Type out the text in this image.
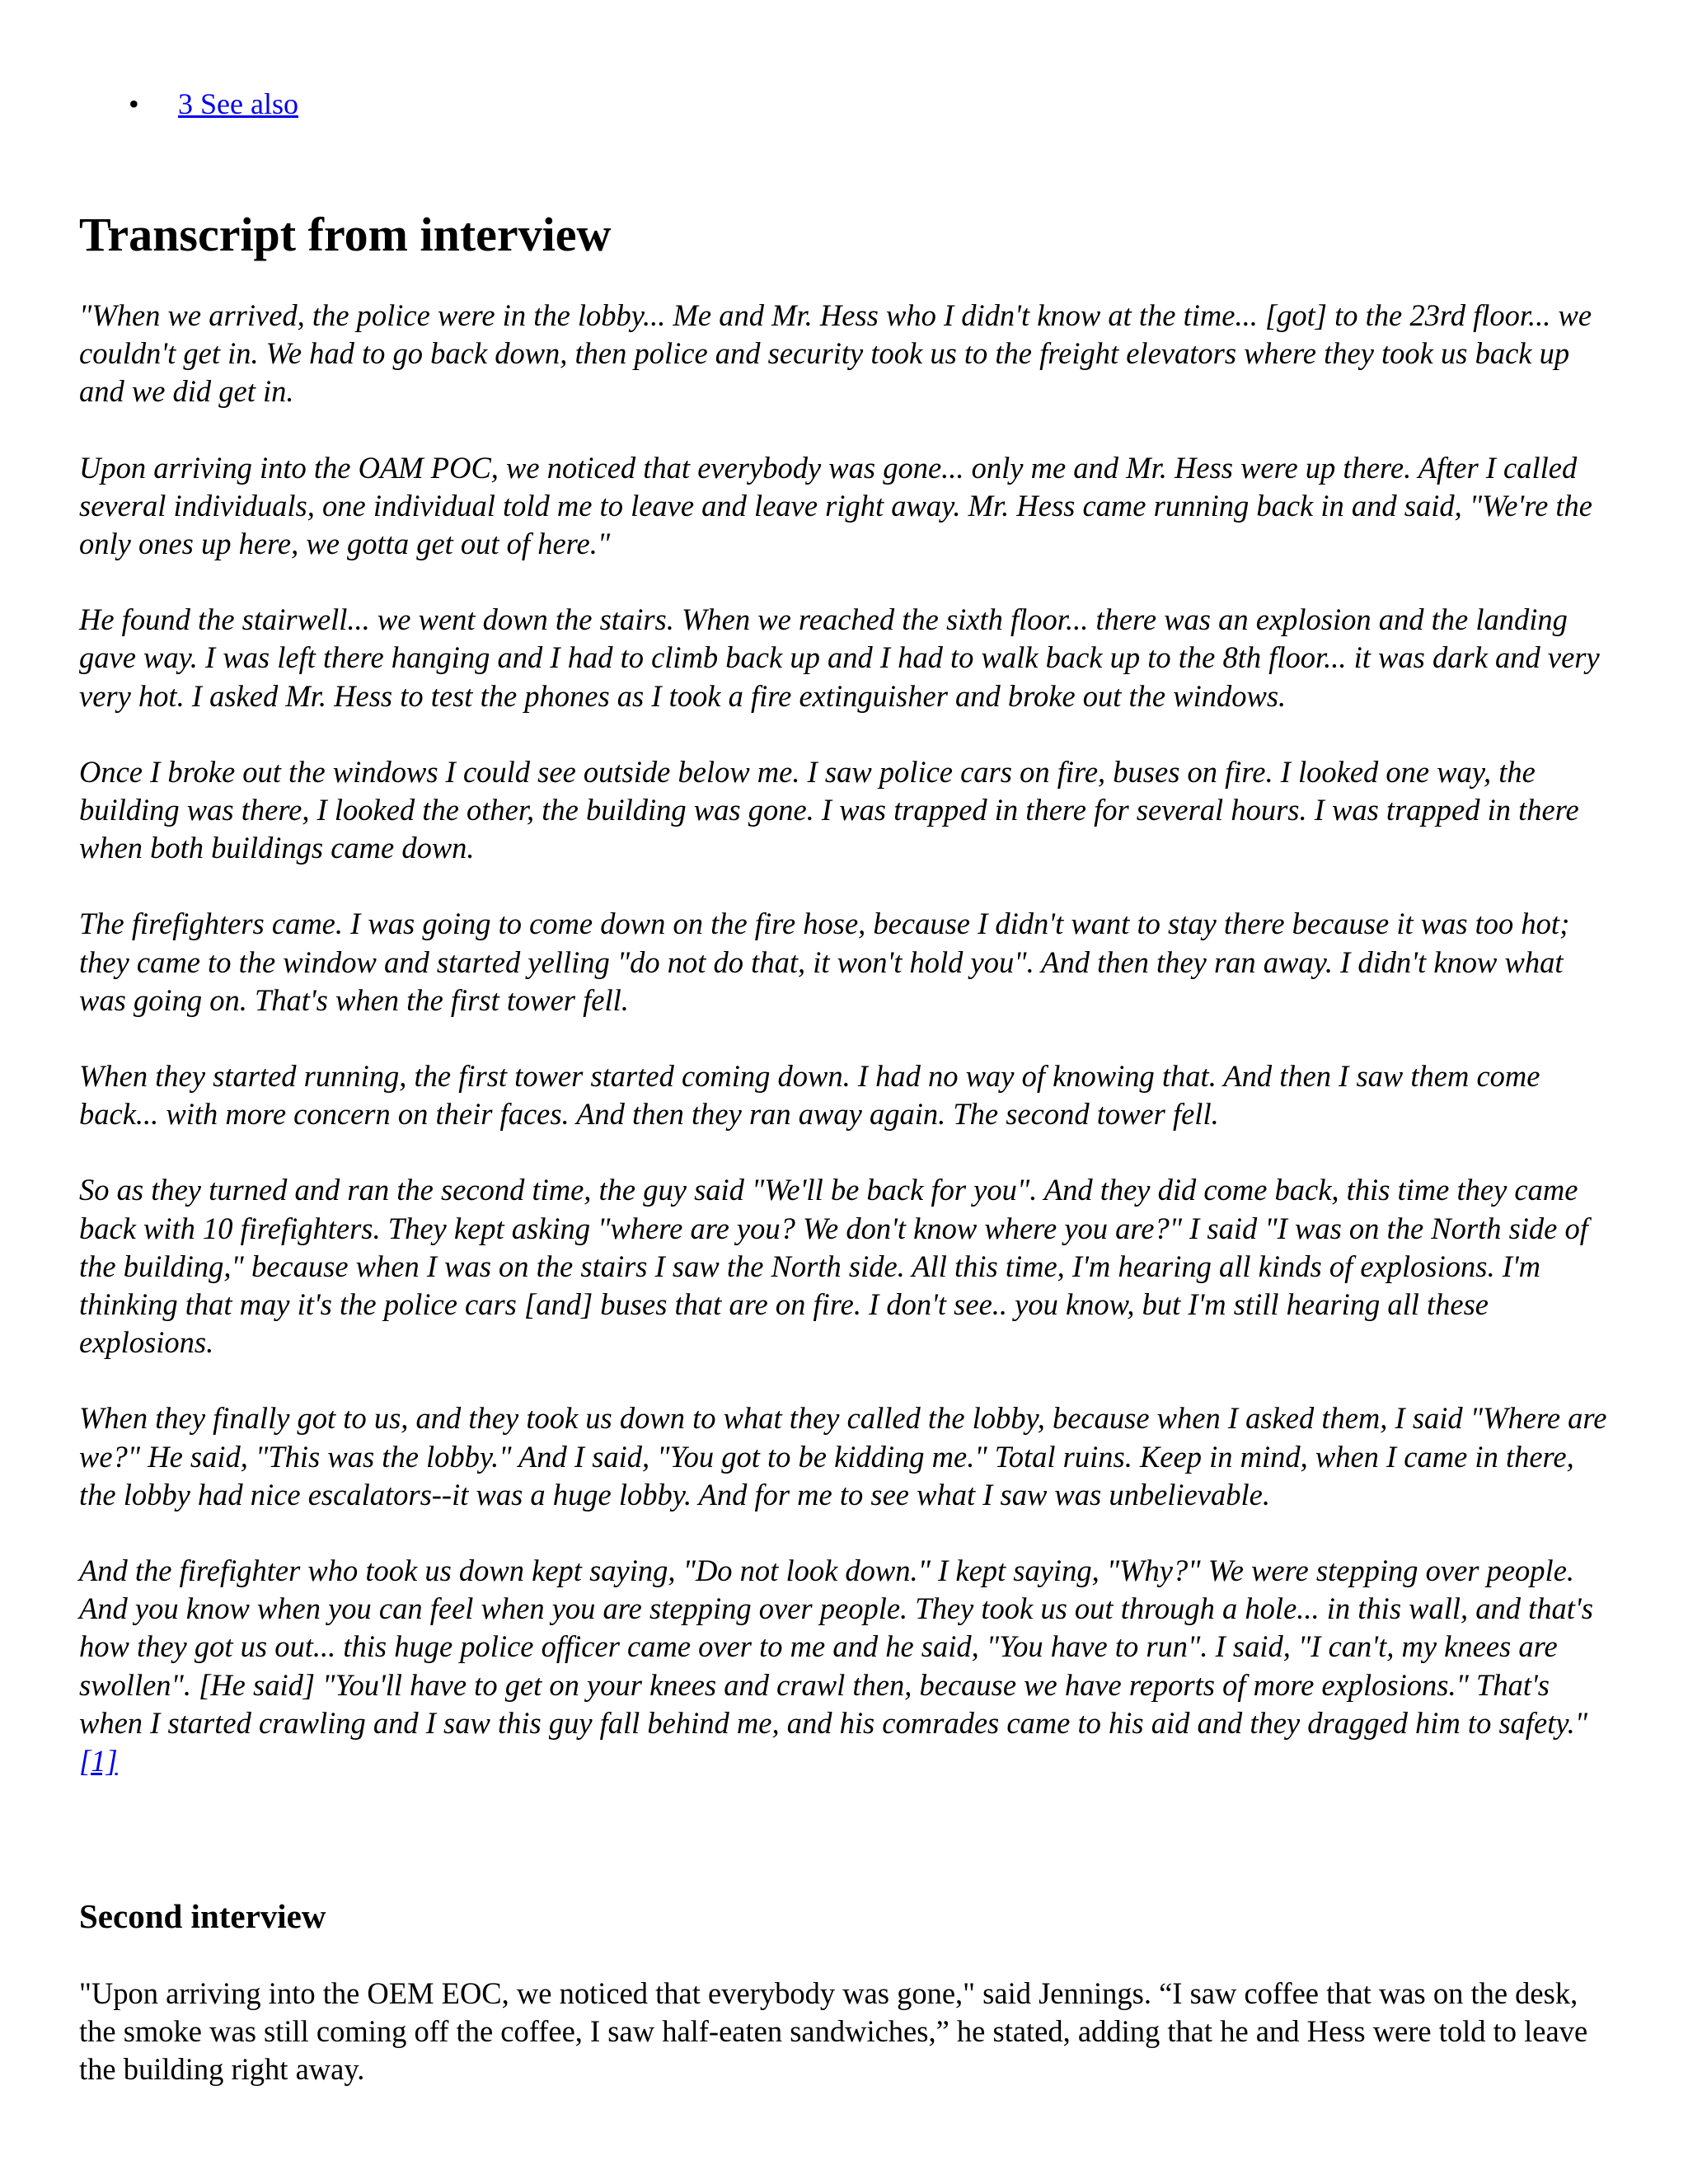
• 3 See also
Transcript from interview

"When we arrived, the police were in the lobby... Me and Mr. Hess who I didn't know at the time... [got] to the 23rd floor... we couldn't get in. We had to go back down, then police and security took us to the freight elevators where they took us back up and we did get in.

Upon arriving into the OAM POC, we noticed that everybody was gone... only me and Mr. Hess were up there. After I called several individuals, one individual told me to leave and leave right away. Mr. Hess came running back in and said, "We're the only ones up here, we gotta get out of here."

He found the stairwell... we went down the stairs. When we reached the sixth floor... there was an explosion and the landing gave way. I was left there hanging and I had to climb back up and I had to walk back up to the 8th floor... it was dark and very very hot. I asked Mr. Hess to test the phones as I took a fire extinguisher and broke out the windows.

Once I broke out the windows I could see outside below me. I saw police cars on fire, buses on fire. I looked one way, the building was there, I looked the other, the building was gone. I was trapped in there for several hours. I was trapped in there when both buildings came down.

The firefighters came. I was going to come down on the fire hose, because I didn't want to stay there because it was too hot; they came to the window and started yelling "do not do that, it won't hold you". And then they ran away. I didn't know what was going on. That's when the first tower fell.

When they started running, the first tower started coming down. I had no way of knowing that. And then I saw them come back... with more concern on their faces. And then they ran away again. The second tower fell.

So as they turned and ran the second time, the guy said "We'll be back for you". And they did come back, this time they came back with 10 firefighters. They kept asking "where are you? We don't know where you are?" I said "I was on the North side of the building," because when I was on the stairs I saw the North side. All this time, I'm hearing all kinds of explosions. I'm thinking that may it's the police cars [and] buses that are on fire. I don't see.. you know, but I'm still hearing all these explosions.

When they finally got to us, and they took us down to what they called the lobby, because when I asked them, I said "Where are we?" He said, "This was the lobby." And I said, "You got to be kidding me." Total ruins. Keep in mind, when I came in there, the lobby had nice escalators--it was a huge lobby. And for me to see what I saw was unbelievable.

And the firefighter who took us down kept saying, "Do not look down." I kept saying, "Why?" We were stepping over people. And you know when you can feel when you are stepping over people. They took us out through a hole... in this wall, and that's how they got us out... this huge police officer came over to me and he said, "You have to run". I said, "I can't, my knees are swollen". [He said] "You'll have to get on your knees and crawl then, because we have reports of more explosions." That's when I started crawling and I saw this guy fall behind me, and his comrades came to his aid and they dragged him to safety." [1]

Second interview

"Upon arriving into the OEM EOC, we noticed that everybody was gone," said Jennings. “I saw coffee that was on the desk, the smoke was still coming off the coffee, I saw half-eaten sandwiches,” he stated, adding that he and Hess were told to leave the building right away.
